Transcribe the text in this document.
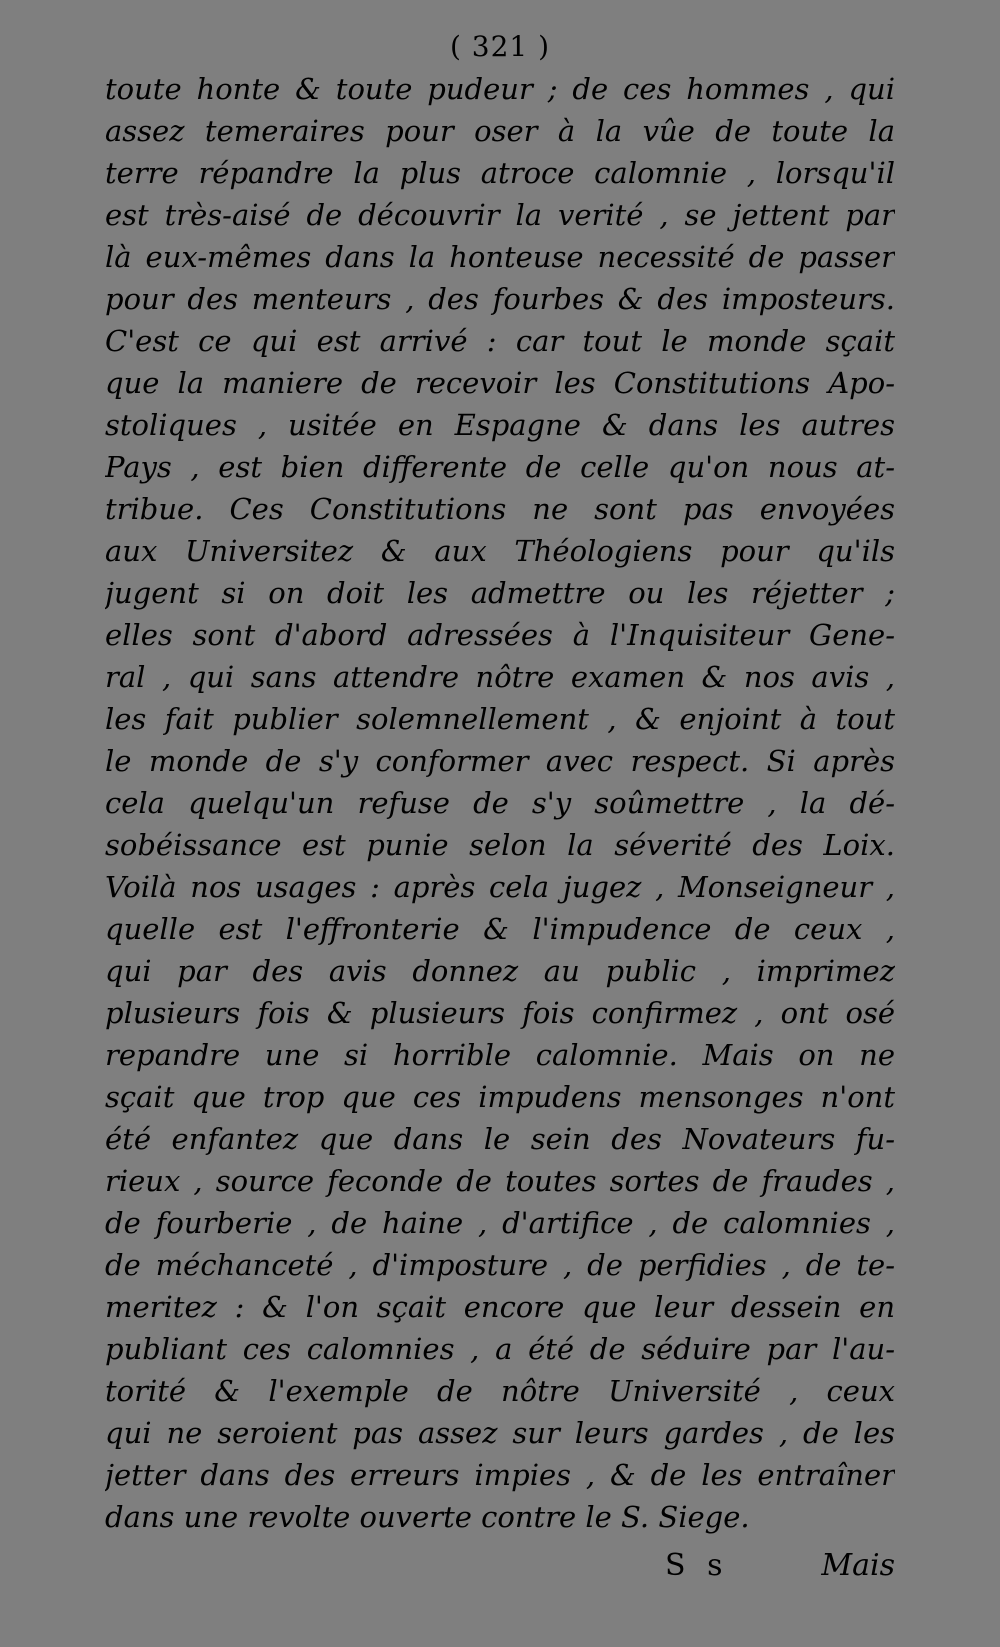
( 321 )
toute honte & toute pudeur ; de ces hommes , qui
assez temeraires pour oser à la vûe de toute la
terre répandre la plus atroce calomnie , lorsqu'il
est très-aisé de découvrir la verité , se jettent par
là eux-mêmes dans la honteuse necessité de passer
pour des menteurs , des fourbes & des imposteurs.
C'est ce qui est arrivé : car tout le monde sçait
que la maniere de recevoir les Constitutions Apo-
stoliques , usitée en Espagne & dans les autres
Pays , est bien differente de celle qu'on nous at-
tribue. Ces Constitutions ne sont pas envoyées
aux Universitez & aux Théologiens pour qu'ils
jugent si on doit les admettre ou les réjetter ;
elles sont d'abord adressées à l'Inquisiteur Gene-
ral , qui sans attendre nôtre examen & nos avis ,
les fait publier solemnellement , & enjoint à tout
le monde de s'y conformer avec respect. Si après
cela quelqu'un refuse de s'y soûmettre , la dé-
sobéissance est punie selon la séverité des Loix.
Voilà nos usages : après cela jugez , Monseigneur ,
quelle est l'effronterie & l'impudence de ceux ,
qui par des avis donnez au public , imprimez
plusieurs fois & plusieurs fois confirmez , ont osé
repandre une si horrible calomnie. Mais on ne
sçait que trop que ces impudens mensonges n'ont
été enfantez que dans le sein des Novateurs fu-
rieux , source feconde de toutes sortes de fraudes ,
de fourberie , de haine , d'artifice , de calomnies ,
de méchanceté , d'imposture , de perfidies , de te-
meritez : & l'on sçait encore que leur dessein en
publiant ces calomnies , a été de séduire par l'au-
torité & l'exemple de nôtre Université , ceux
qui ne seroient pas assez sur leurs gardes , de les
jetter dans des erreurs impies , & de les entraîner
dans une revolte ouverte contre le S. Siege.
S s	Mais
